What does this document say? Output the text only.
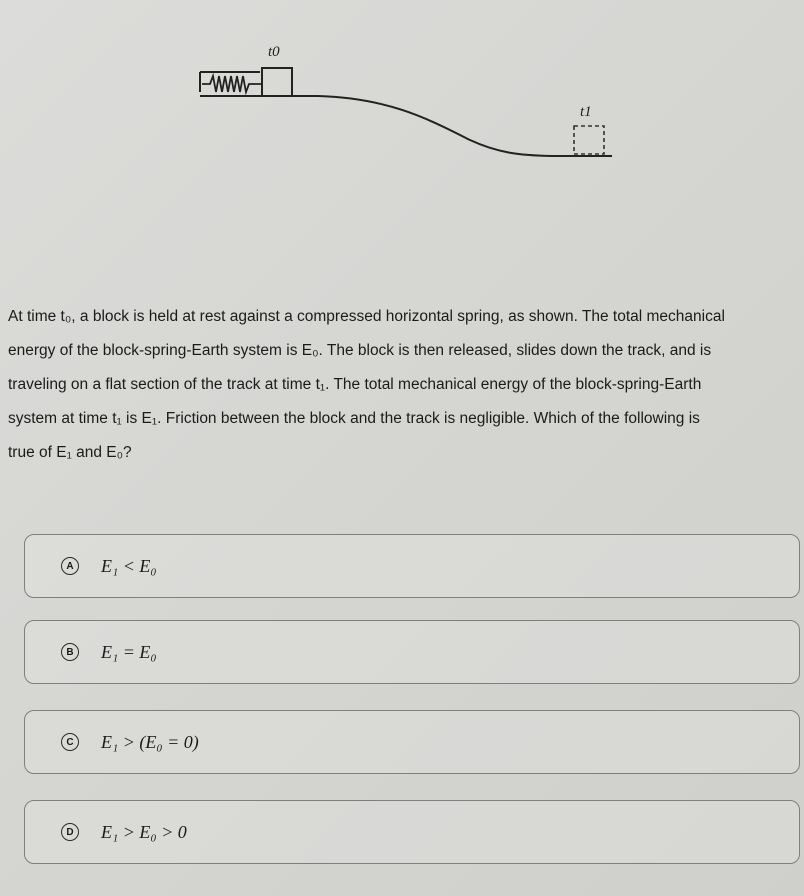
t0
t1

At time t₀, a block is held at rest against a compressed horizontal spring, as shown. The total mechanical

energy of the block-spring-Earth system is E₀. The block is then released, slides down the track, and is

traveling on a flat section of the track at time t₁. The total mechanical energy of the block-spring-Earth

system at time t₁ is E₁. Friction between the block and the track is negligible. Which of the following is

true of E₁ and E₀?

A E₁ < E₀
B E₁ = E₀
C E₁ > (E₀ = 0)
D E₁ > E₀ > 0
